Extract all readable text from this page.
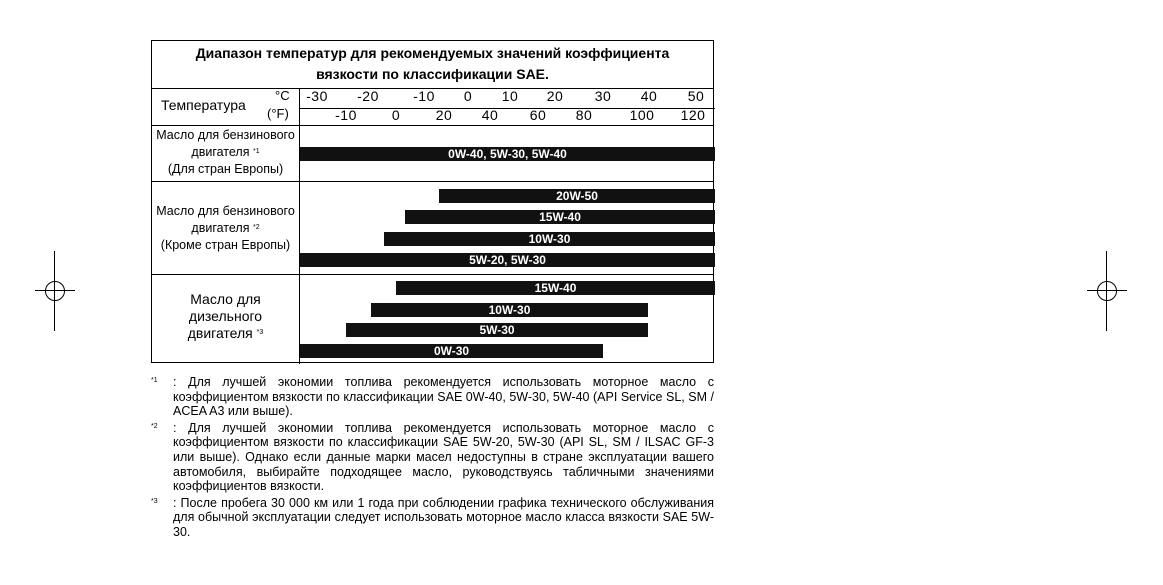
Диапазон температур для рекомендуемых значений коэффициента
вязкости по классификации SAE.
Температура
°C
(°F)
-30 -20 -10 0 10 20 30 40 50
-10 0	20 40 60 80	100 120
Масло для бензинового
двигателя $^{*1}$
(Для стран Европы)
Масло для бензинового
двигателя $^{*2}$
(Кроме стран Европы)
Масло для
дизельного
двигателя $^{*3}$
0W-40, 5W-30, 5W-40
20W-50
15W-40
10W-30
5W-20, 5W-30
15W-40
10W-30
5W-30
0W-30
$^{*1}$ : Для лучшей экономии топлива рекомендуется использовать моторное масло с коэффициентом вязкости по классификации SAE 0W-40, 5W-30, 5W-40 (API Service SL, SM / ACEA A3 или выше).
$^{*2}$ : Для лучшей экономии топлива рекомендуется использовать моторное масло с коэффициентом вязкости по классификации SAE 5W-20, 5W-30 (API SL, SM / ILSAC GF-3 или выше). Однако если данные марки масел недоступны в стране эксплуатации вашего автомобиля, выбирайте подходящее масло, руководствуясь табличными значениями коэффициентов вязкости.
$^{*3}$ : После пробега 30 000 км или 1 года при соблюдении графика технического обслуживания для обычной эксплуатации следует использовать моторное масло класса вязкости SAE 5W-30.
